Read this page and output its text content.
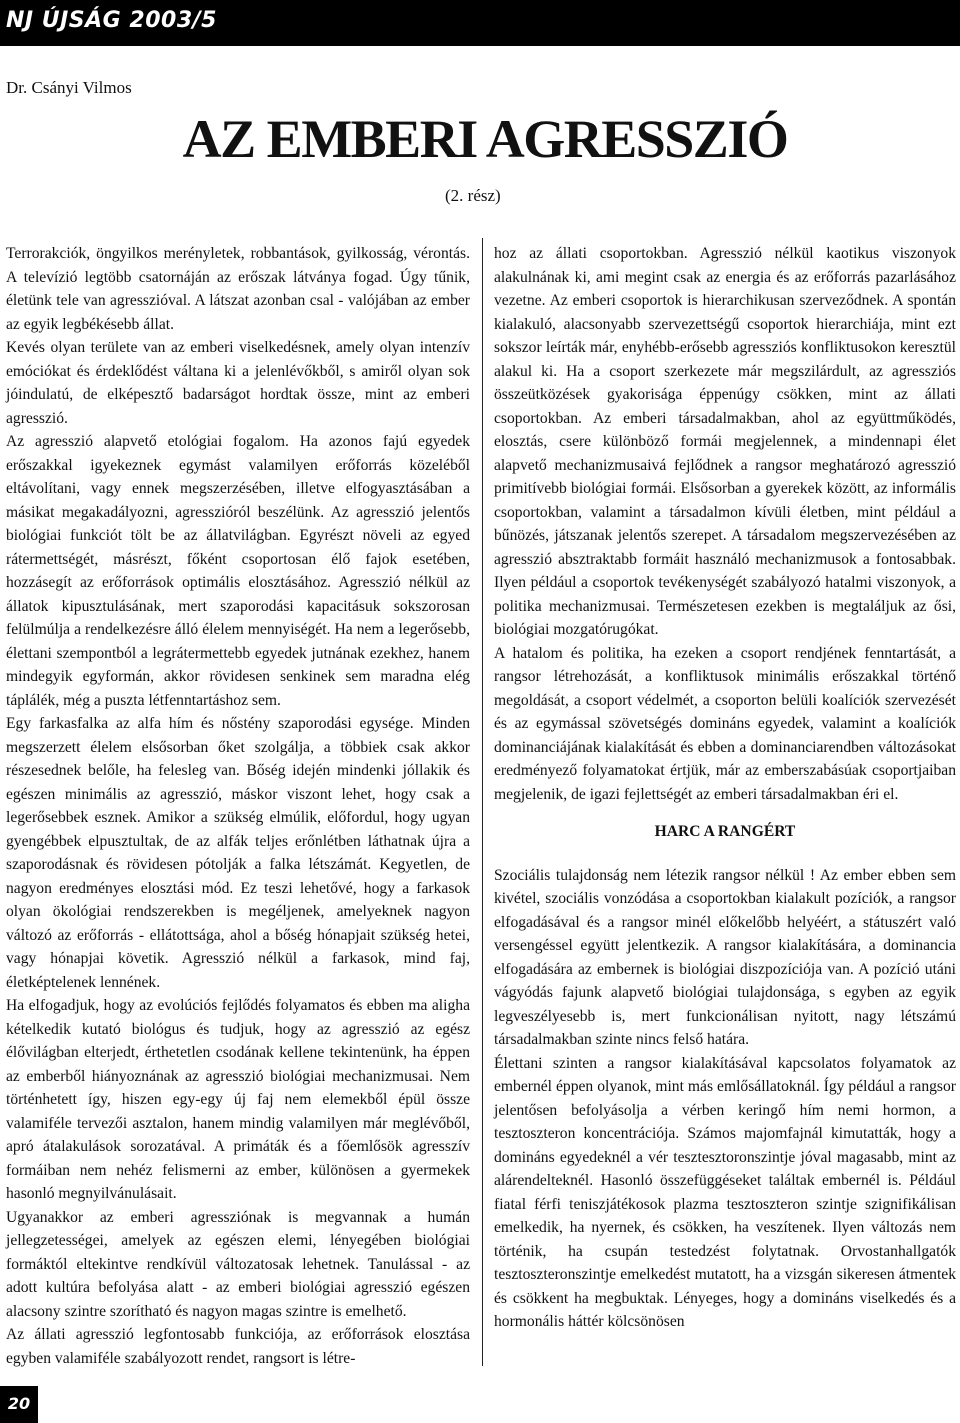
NJ ÚJSÁG 2003/5
Dr. Csányi Vilmos
AZ EMBERI AGRESSZIÓ
(2. rész)

Terrorakciók, öngyilkos merényletek, robbantások, gyilkosság, vérontás. A televízió legtöbb csatornáján az erőszak látványa fogad. Úgy tűnik, életünk tele van agresszióval. A látszat azonban csal - valójában az ember az egyik legbékésebb állat.

Kevés olyan területe van az emberi viselkedésnek, amely olyan intenzív emóciókat és érdeklődést váltana ki a jelenlévőkből, s amiről olyan sok jóindulatú, de elképesztő badarságot hordtak össze, mint az emberi agresszió.

Az agresszió alapvető etológiai fogalom. Ha azonos fajú egyedek erőszakkal igyekeznek egymást valamilyen erőforrás közeléből eltávolítani, vagy ennek megszerzésében, illetve elfogyasztásában a másikat megakadályozni, agresszióról beszélünk. Az agresszió jelentős biológiai funkciót tölt be az állatvilágban. Egyrészt növeli az egyed rátermettségét, másrészt, főként csoportosan élő fajok esetében, hozzásegít az erőforrások optimális elosztásához. Agresszió nélkül az állatok kipusztulásának, mert szaporodási kapacitásuk sokszorosan felülmúlja a rendelkezésre álló élelem mennyiségét. Ha nem a legerősebb, élettani szempontból a legrátermettebb egyedek jutnának ezekhez, hanem mindegyik egyformán, akkor rövidesen senkinek sem maradna elég táplálék, még a puszta létfenntartáshoz sem.

Egy farkasfalka az alfa hím és nőstény szaporodási egysége. Minden megszerzett élelem elsősorban őket szolgálja, a többiek csak akkor részesednek belőle, ha felesleg van. Bőség idején mindenki jóllakik és egészen minimális az agresszió, máskor viszont lehet, hogy csak a legerősebbek esznek. Amikor a szükség elmúlik, előfordul, hogy ugyan gyengébbek elpusztultak, de az alfák teljes erőnlétben láthatnak újra a szaporodásnak és rövidesen pótolják a falka létszámát. Kegyetlen, de nagyon eredményes elosztási mód. Ez teszi lehetővé, hogy a farkasok olyan ökológiai rendszerekben is megéljenek, amelyeknek nagyon változó az erőforrás - ellátottsága, ahol a bőség hónapjait szükség hetei, vagy hónapjai követik. Agresszió nélkül a farkasok, mind faj, életképtelenek lennének.

Ha elfogadjuk, hogy az evolúciós fejlődés folyamatos és ebben ma aligha kételkedik kutató biológus és tudjuk, hogy az agresszió az egész élővilágban elterjedt, érthetetlen csodának kellene tekintenünk, ha éppen az emberből hiányoznának az agresszió biológiai mechanizmusai. Nem történhetett így, hiszen egy-egy új faj nem elemekből épül össze valamiféle tervezői asztalon, hanem mindig valamilyen már meglévőből, apró átalakulások sorozatával. A primáták és a főemlősök agresszív formáiban nem nehéz felismerni az ember, különösen a gyermekek hasonló megnyilvánulásait.

Ugyanakkor az emberi agressziónak is megvannak a humán jellegzetességei, amelyek az egészen elemi, lényegében biológiai formáktól eltekintve rendkívül változatosak lehetnek. Tanulással - az adott kultúra befolyása alatt - az emberi biológiai agresszió egészen alacsony szintre szorítható és nagyon magas szintre is emelhető.

Az állati agresszió legfontosabb funkciója, az erőforrások elosztása egyben valamiféle szabályozott rendet, rangsort is létre-

hoz az állati csoportokban. Agresszió nélkül kaotikus viszonyok alakulnának ki, ami megint csak az energia és az erőforrás pazarlásához vezetne. Az emberi csoportok is hierarchikusan szerveződnek. A spontán kialakuló, alacsonyabb szervezettségű csoportok hierarchiája, mint ezt sokszor leírták már, enyhébb-erősebb agressziós konfliktusokon keresztül alakul ki. Ha a csoport szerkezete már megszilárdult, az agressziós összeütközések gyakorisága éppenúgy csökken, mint az állati csoportokban. Az emberi társadalmakban, ahol az együttműködés, elosztás, csere különböző formái megjelennek, a mindennapi élet alapvető mechanizmusaivá fejlődnek a rangsor meghatározó agresszió primitívebb biológiai formái. Elsősorban a gyerekek között, az informális csoportokban, valamint a társadalmon kívüli életben, mint például a bűnözés, játszanak jelentős szerepet. A társadalom megszervezésében az agresszió absztraktabb formáit használó mechanizmusok a fontosabbak. Ilyen például a csoportok tevékenységét szabályozó hatalmi viszonyok, a politika mechanizmusai. Természetesen ezekben is megtaláljuk az ősi, biológiai mozgatórugókat.

A hatalom és politika, ha ezeken a csoport rendjének fenntartását, a rangsor létrehozását, a konfliktusok minimális erőszakkal történő megoldását, a csoport védelmét, a csoporton belüli koalíciók szervezését és az egymással szövetségés domináns egyedek, valamint a koalíciók dominanciájának kialakítását és ebben a dominanciarendben változásokat eredményező folyamatokat értjük, már az emberszabásúak csoportjaiban megjelenik, de igazi fejlettségét az emberi társadalmakban éri el.

HARC A RANGÉRT

Szociális tulajdonság nem létezik rangsor nélkül ! Az ember ebben sem kivétel, szociális vonzódása a csoportokban kialakult pozíciók, a rangsor elfogadásával és a rangsor minél előkelőbb helyéért, a státuszért való versengéssel együtt jelentkezik. A rangsor kialakítására, a dominancia elfogadására az embernek is biológiai diszpozíciója van. A pozíció utáni vágyódás fajunk alapvető biológiai tulajdonsága, s egyben az egyik legveszélyesebb is, mert funkcionálisan nyitott, nagy létszámú társadalmakban szinte nincs felső határa.

Élettani szinten a rangsor kialakításával kapcsolatos folyamatok az embernél éppen olyanok, mint más emlősállatoknál. Így például a rangsor jelentősen befolyásolja a vérben keringő hím nemi hormon, a tesztoszteron koncentrációja. Számos majomfajnál kimutatták, hogy a domináns egyedeknél a vér tesztesztoronszintje jóval magasabb, mint az alárendelteknél. Hasonló összefüggéseket találtak embernél is. Például fiatal férfi teniszjátékosok plazma tesztoszteron szintje szignifikálisan emelkedik, ha nyernek, és csökken, ha veszítenek. Ilyen változás nem történik, ha csupán testedzést folytatnak. Orvostanhallgatók tesztoszteronszintje emelkedést mutatott, ha a vizsgán sikeresen átmentek és csökkent ha megbuktak. Lényeges, hogy a domináns viselkedés és a hormonális háttér kölcsönösen

20
